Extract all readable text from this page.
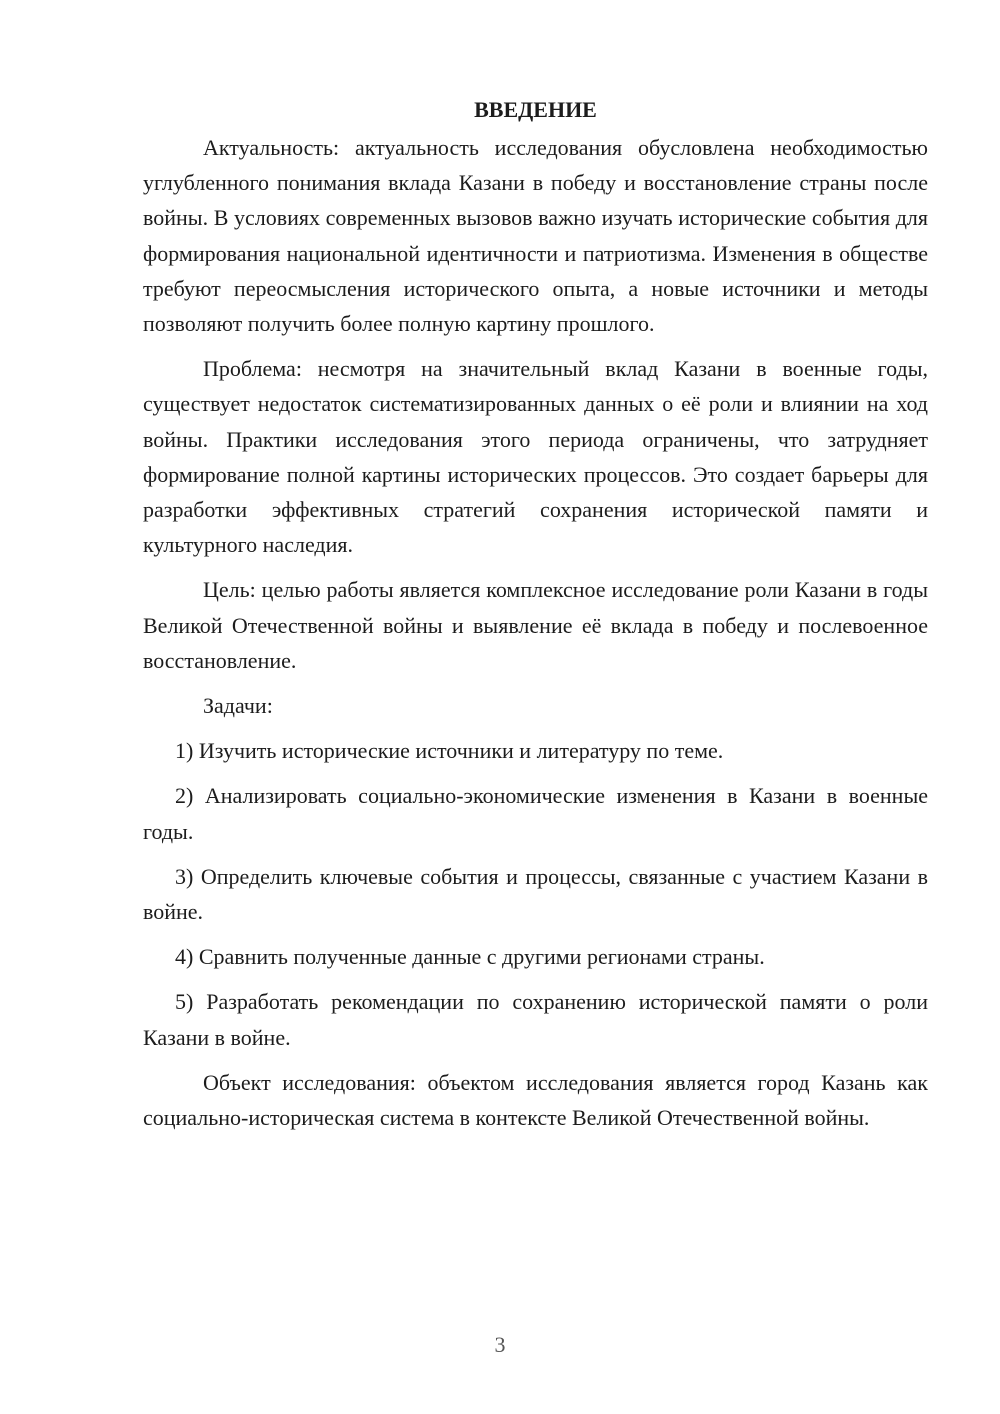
ВВЕДЕНИЕ

Актуальность: актуальность исследования обусловлена необходимостью углубленного понимания вклада Казани в победу и восстановление страны после войны. В условиях современных вызовов важно изучать исторические события для формирования национальной идентичности и патриотизма. Изменения в обществе требуют переосмысления исторического опыта, а новые источники и методы позволяют получить более полную картину прошлого.

Проблема: несмотря на значительный вклад Казани в военные годы, существует недостаток систематизированных данных о её роли и влиянии на ход войны. Практики исследования этого периода ограничены, что затрудняет формирование полной картины исторических процессов. Это создает барьеры для разработки эффективных стратегий сохранения исторической памяти и культурного наследия.

Цель: целью работы является комплексное исследование роли Казани в годы Великой Отечественной войны и выявление её вклада в победу и послевоенное восстановление.

Задачи:

1) Изучить исторические источники и литературу по теме.

2) Анализировать социально-экономические изменения в Казани в военные годы.

3) Определить ключевые события и процессы, связанные с участием Казани в войне.

4) Сравнить полученные данные с другими регионами страны.

5) Разработать рекомендации по сохранению исторической памяти о роли Казани в войне.

Объект исследования: объектом исследования является город Казань как социально-историческая система в контексте Великой Отечественной войны.

3
